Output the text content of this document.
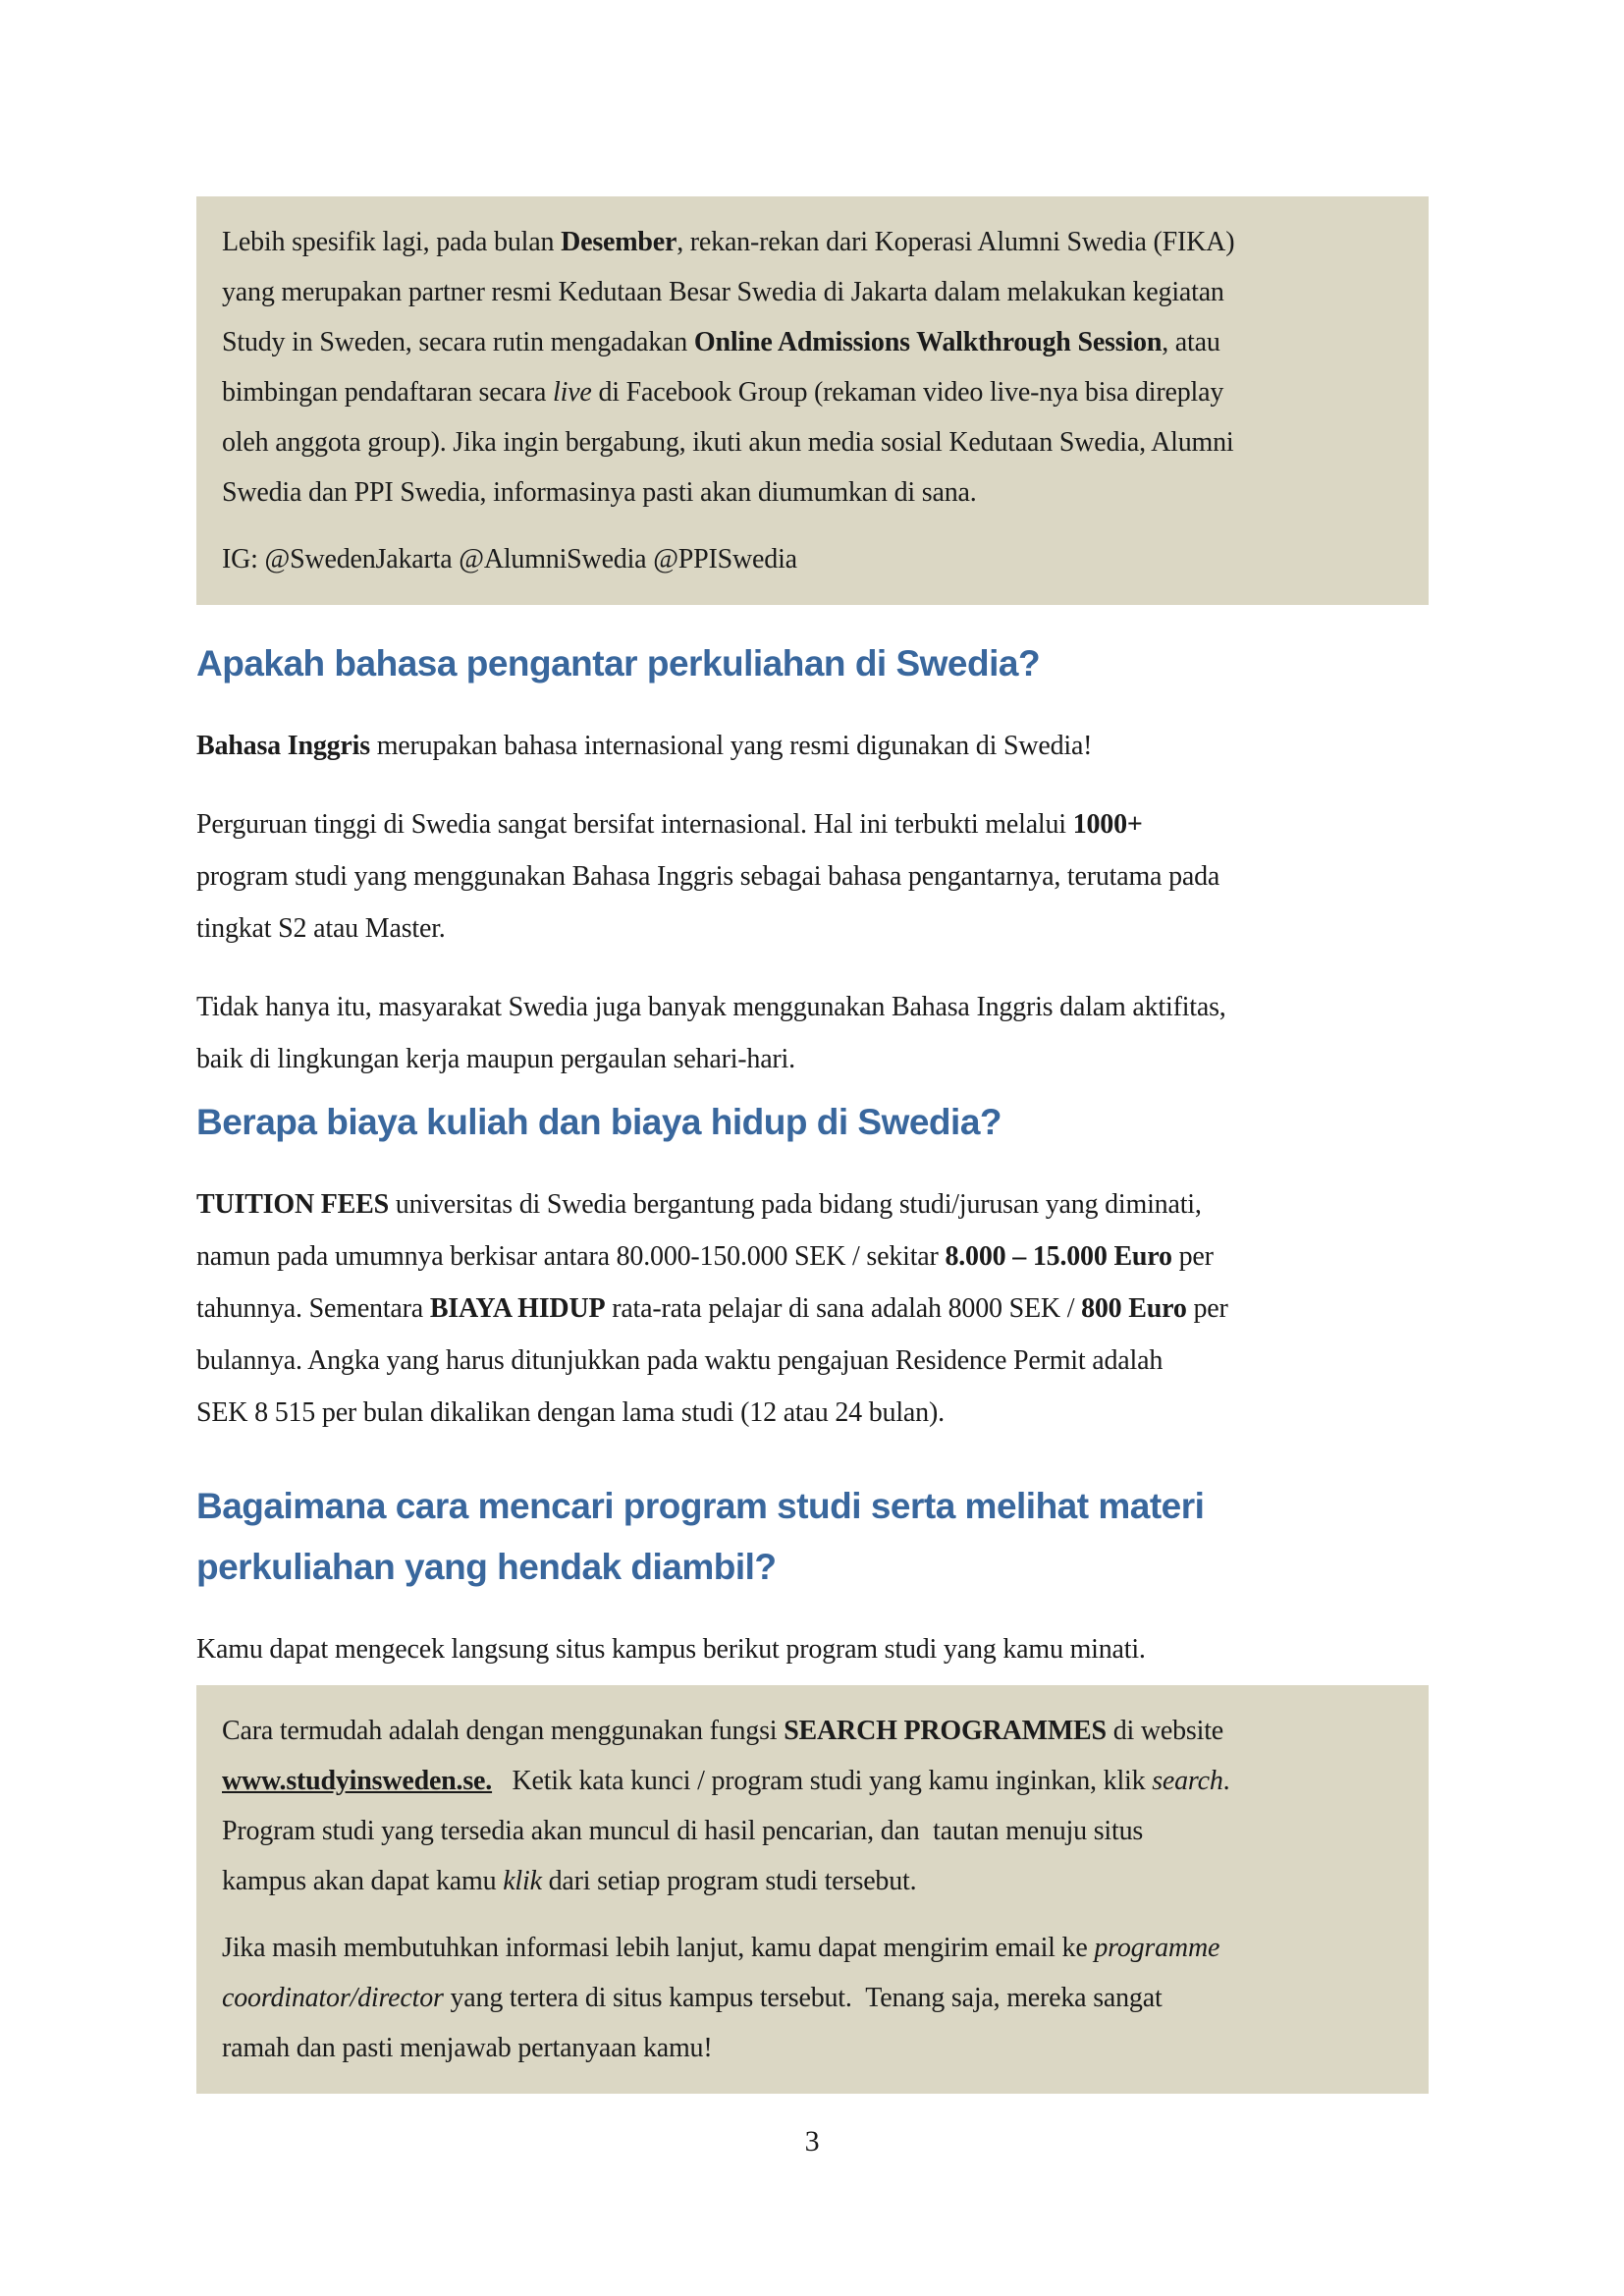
Lebih spesifik lagi, pada bulan Desember, rekan-rekan dari Koperasi Alumni Swedia (FIKA)
yang merupakan partner resmi Kedutaan Besar Swedia di Jakarta dalam melakukan kegiatan
Study in Sweden, secara rutin mengadakan Online Admissions Walkthrough Session, atau
bimbingan pendaftaran secara live di Facebook Group (rekaman video live-nya bisa direplay
oleh anggota group). Jika ingin bergabung, ikuti akun media sosial Kedutaan Swedia, Alumni
Swedia dan PPI Swedia, informasinya pasti akan diumumkan di sana.

IG: @SwedenJakarta @AlumniSwedia @PPISwedia

Apakah bahasa pengantar perkuliahan di Swedia?

Bahasa Inggris merupakan bahasa internasional yang resmi digunakan di Swedia!

Perguruan tinggi di Swedia sangat bersifat internasional. Hal ini terbukti melalui 1000+
program studi yang menggunakan Bahasa Inggris sebagai bahasa pengantarnya, terutama pada
tingkat S2 atau Master.

Tidak hanya itu, masyarakat Swedia juga banyak menggunakan Bahasa Inggris dalam aktifitas,
baik di lingkungan kerja maupun pergaulan sehari-hari.

Berapa biaya kuliah dan biaya hidup di Swedia?

TUITION FEES universitas di Swedia bergantung pada bidang studi/jurusan yang diminati,
namun pada umumnya berkisar antara 80.000-150.000 SEK / sekitar 8.000 – 15.000 Euro per
tahunnya. Sementara BIAYA HIDUP rata-rata pelajar di sana adalah 8000 SEK / 800 Euro per
bulannya. Angka yang harus ditunjukkan pada waktu pengajuan Residence Permit adalah
SEK 8 515 per bulan dikalikan dengan lama studi (12 atau 24 bulan).

Bagaimana cara mencari program studi serta melihat materi
perkuliahan yang hendak diambil?

Kamu dapat mengecek langsung situs kampus berikut program studi yang kamu minati.

Cara termudah adalah dengan menggunakan fungsi SEARCH PROGRAMMES di website
www.studyinsweden.se.   Ketik kata kunci / program studi yang kamu inginkan, klik search.
Program studi yang tersedia akan muncul di hasil pencarian, dan  tautan menuju situs
kampus akan dapat kamu klik dari setiap program studi tersebut.

Jika masih membutuhkan informasi lebih lanjut, kamu dapat mengirim email ke programme
coordinator/director yang tertera di situs kampus tersebut.  Tenang saja, mereka sangat
ramah dan pasti menjawab pertanyaan kamu!

3
